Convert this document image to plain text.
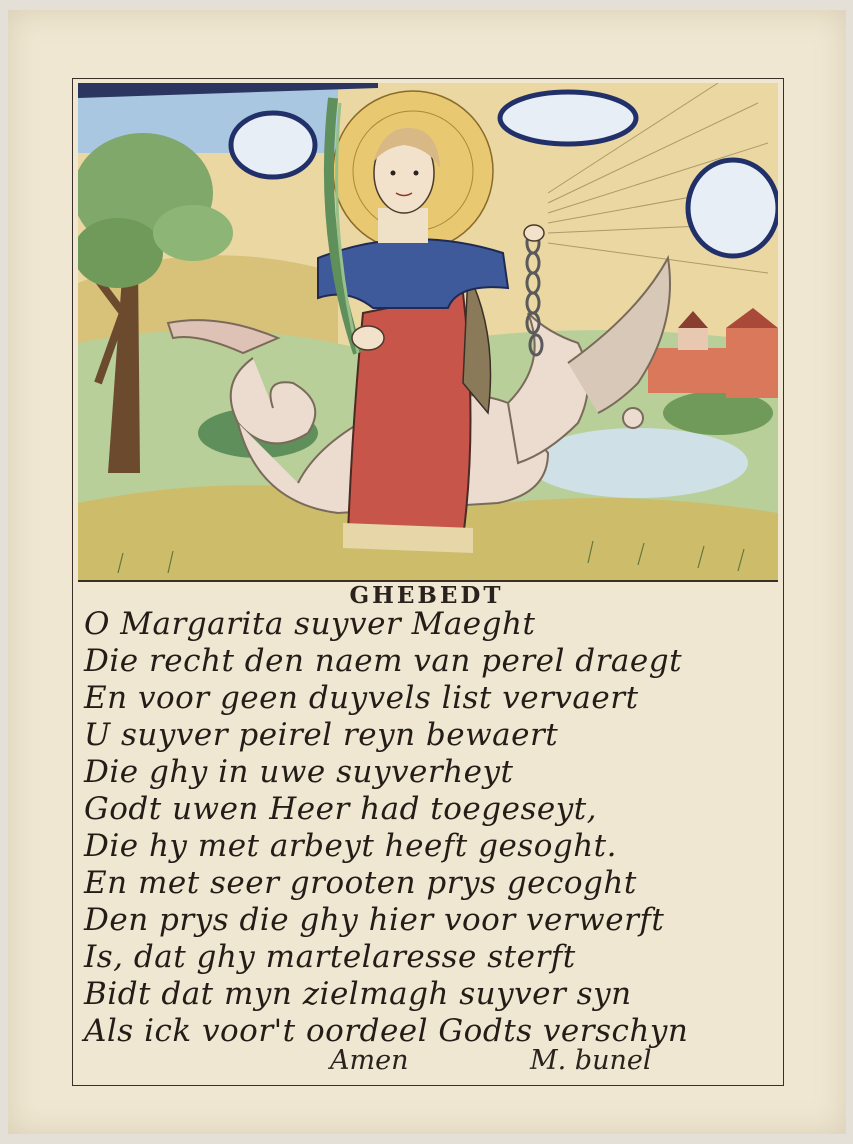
GHEBEDT
O Margarita suyver Maeght
Die recht den naem van perel draegt
En voor geen duyvels list vervaert
U suyver peirel reyn bewaert
Die ghy in uwe suyverheyt
Godt uwen Heer had toegeseyt,
Die hy met arbeyt heeft gesoght.
En met seer grooten prys gecoght
Den prys die ghy hier voor verwerft
Is, dat ghy martelaresse sterft
Bidt dat myn zielmagh suyver syn
Als ick voor't oordeel Godts verschyn
Amen	M. bunel
